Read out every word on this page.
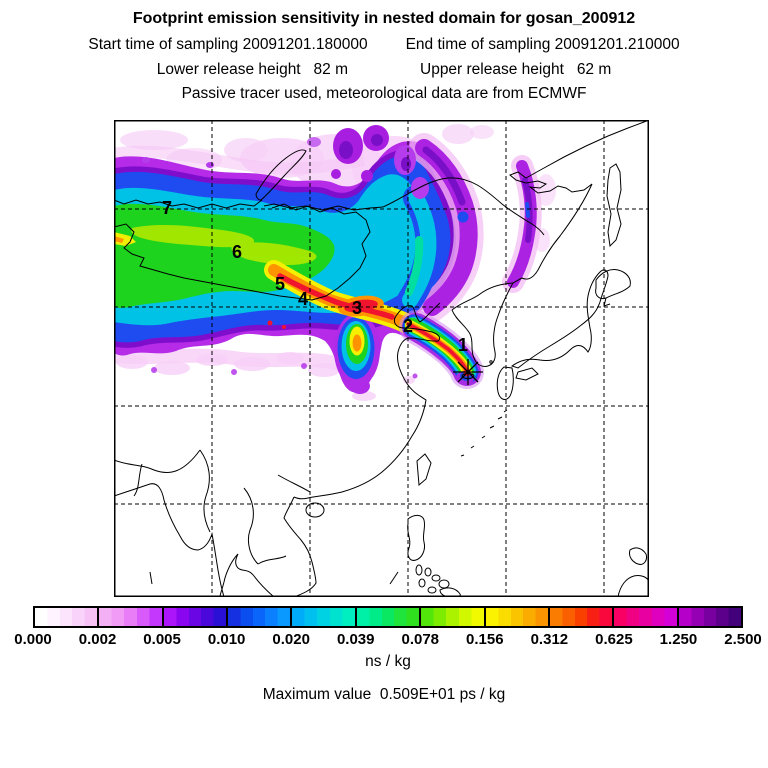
Footprint emission sensitivity in nested domain for gosan_200912
Start time of sampling 20091201.180000 End time of sampling 20091201.210000
Lower release height   82 m	Upper release height   62 m
Passive tracer used, meteorological data are from ECMWF
1
2
3
4
5
6
7
0.000 0.002 0.005 0.010 0.020 0.039 0.078 0.156 0.312 0.625 1.250 2.500
ns / kg
Maximum value  0.509E+01 ps / kg
